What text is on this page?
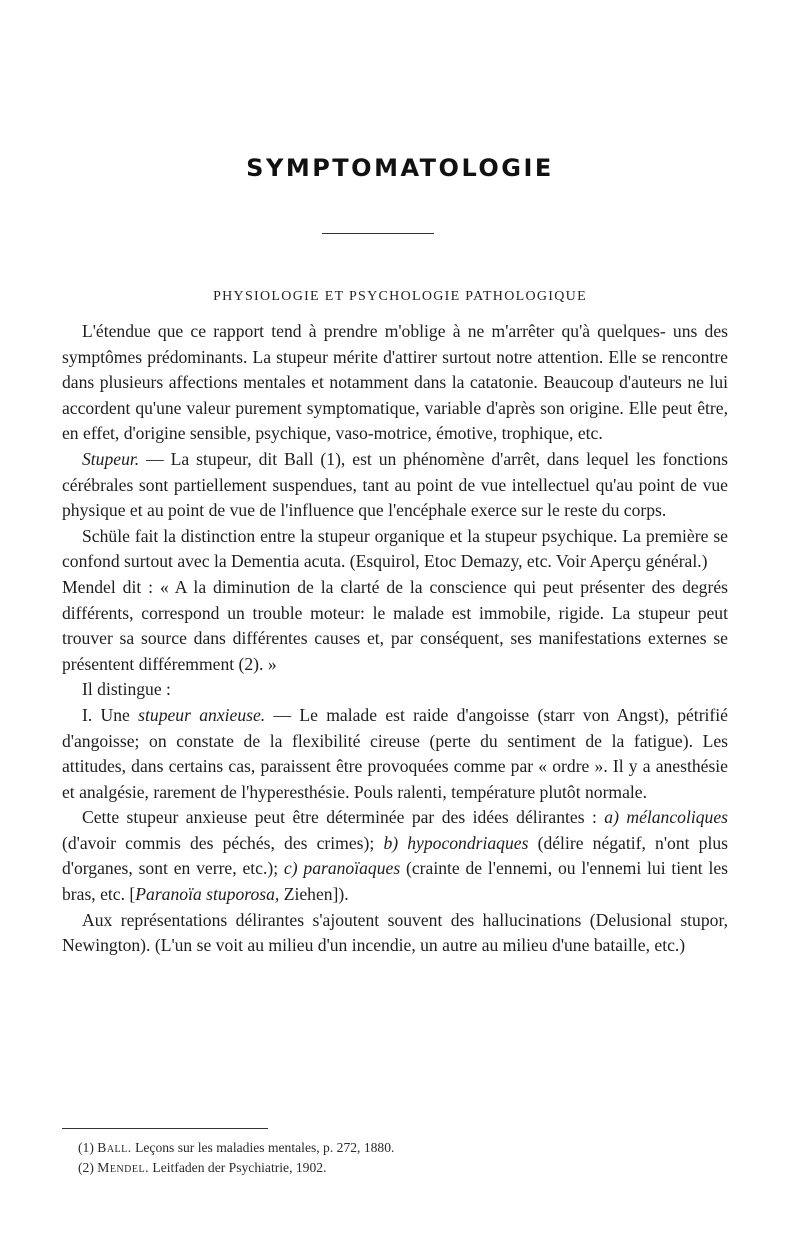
SYMPTOMATOLOGIE
PHYSIOLOGIE ET PSYCHOLOGIE PATHOLOGIQUE

L'étendue que ce rapport tend à prendre m'oblige à ne m'arrêter qu'à quelques- uns des symptômes prédominants. La stupeur mérite d'attirer surtout notre attention. Elle se rencontre dans plusieurs affections mentales et notamment dans la catatonie. Beaucoup d'auteurs ne lui accordent qu'une valeur purement symptomatique, variable d'après son origine. Elle peut être, en effet, d'origine sensible, psychique, vaso-motrice, émotive, trophique, etc.

Stupeur. — La stupeur, dit Ball (1), est un phénomène d'arrêt, dans lequel les fonctions cérébrales sont partiellement suspendues, tant au point de vue intellectuel qu'au point de vue physique et au point de vue de l'influence que l'encéphale exerce sur le reste du corps.

Schüle fait la distinction entre la stupeur organique et la stupeur psychique. La première se confond surtout avec la Dementia acuta. (Esquirol, Etoc Demazy, etc. Voir Aperçu général.)

Mendel dit : « A la diminution de la clarté de la conscience qui peut présenter des degrés différents, correspond un trouble moteur: le malade est immobile, rigide. La stupeur peut trouver sa source dans différentes causes et, par conséquent, ses manifestations externes se présentent différemment (2). »

Il distingue :

I. Une stupeur anxieuse. — Le malade est raide d'angoisse (starr von Angst), pétrifié d'angoisse; on constate de la flexibilité cireuse (perte du sentiment de la fatigue). Les attitudes, dans certains cas, paraissent être provoquées comme par « ordre ». Il y a anesthésie et analgésie, rarement de l'hyperesthésie. Pouls ralenti, température plutôt normale.

Cette stupeur anxieuse peut être déterminée par des idées délirantes : a) mélancoliques (d'avoir commis des péchés, des crimes); b) hypocondriaques (délire négatif, n'ont plus d'organes, sont en verre, etc.); c) paranoïaques (crainte de l'ennemi, ou l'ennemi lui tient les bras, etc. [Paranoïa stuporosa, Ziehen]).

Aux représentations délirantes s'ajoutent souvent des hallucinations (Delusional stupor, Newington). (L'un se voit au milieu d'un incendie, un autre au milieu d'une bataille, etc.)

(1) Ball. Leçons sur les maladies mentales, p. 272, 1880.
(2) Mendel. Leitfaden der Psychiatrie, 1902.
